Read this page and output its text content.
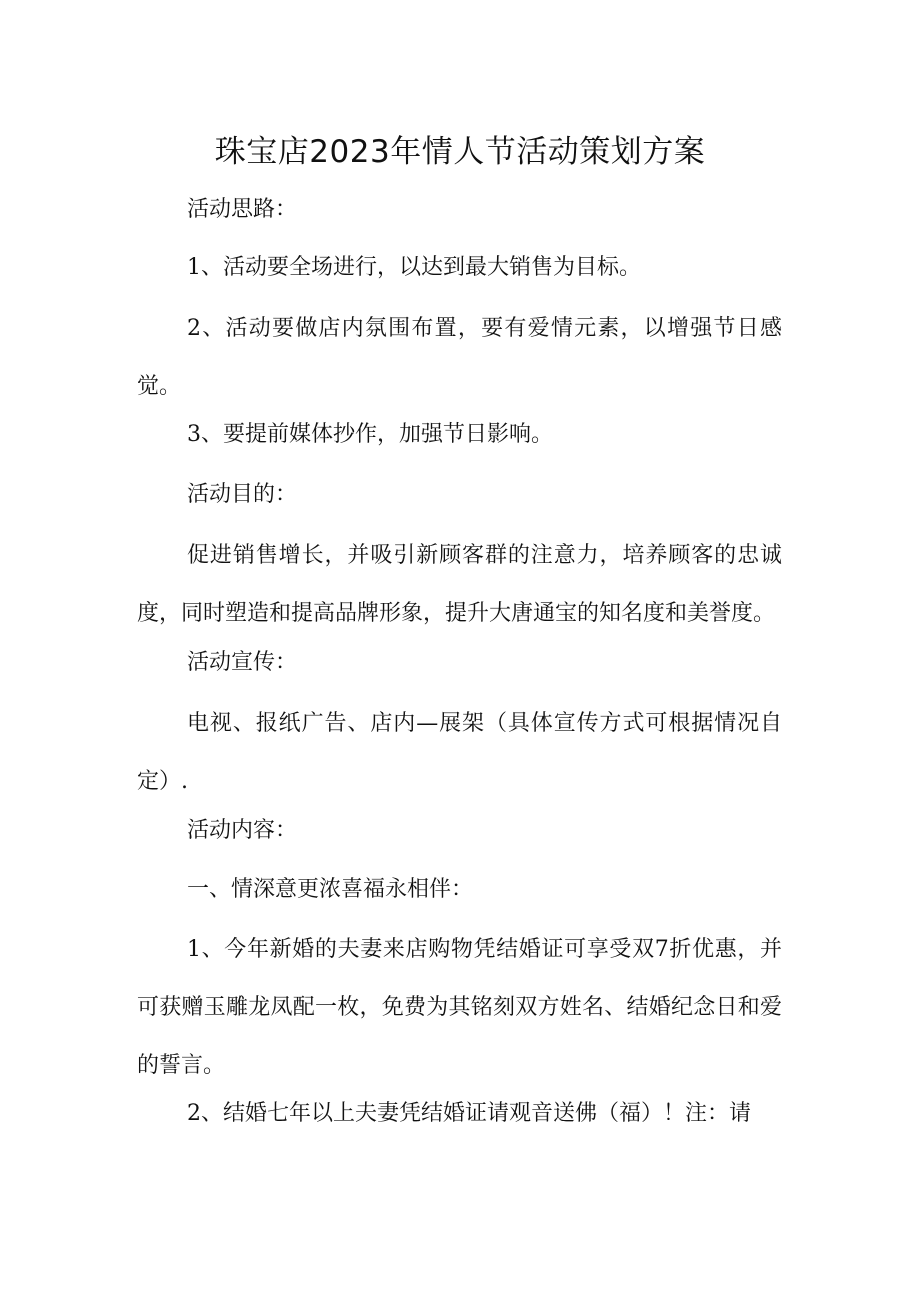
珠宝店2023年情人节活动策划方案
活动思路：
1、活动要全场进行，以达到最大销售为目标。
2、活动要做店内氛围布置，要有爱情元素，以增强节日感觉。
3、要提前媒体抄作，加强节日影响。
活动目的：
促进销售增长，并吸引新顾客群的注意力，培养顾客的忠诚度，同时塑造和提高品牌形象，提升大唐通宝的知名度和美誉度。
活动宣传：
电视、报纸广告、店内—展架（具体宣传方式可根据情况自定）.
活动内容：
一、情深意更浓喜福永相伴：
1、今年新婚的夫妻来店购物凭结婚证可享受双7折优惠，并可获赠玉雕龙凤配一枚，免费为其铭刻双方姓名、结婚纪念日和爱的誓言。
2、结婚七年以上夫妻凭结婚证请观音送佛（福）！注：请
